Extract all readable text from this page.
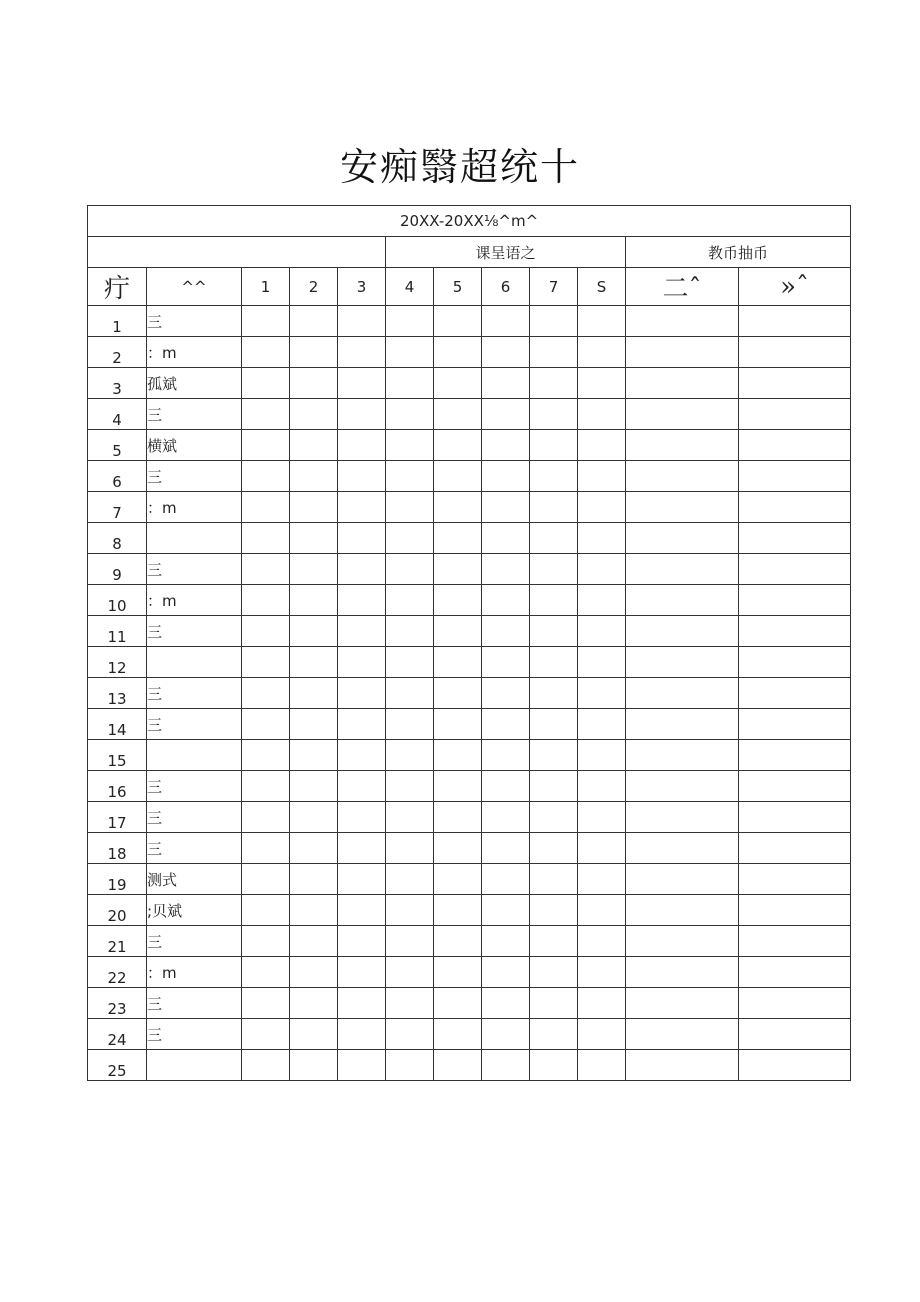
安痴翳超统十
20XX-20XX⅛^m^											
					课呈语之					教币抽币	
疔	^^	1	2	3	4	5	6	7	S	二ˆ	»ˆ
1	三										
2	：m										
3	孤斌										
4	三										
5	横斌										
6	三										
7	：m										
8											
9	三										
10	：m										
11	三										
12											
13	三										
14	三										
15											
16	三										
17	三										
18	三										
19	测式										
20	;贝斌										
21	三										
22	：m										
23	三										
24	三										
25											
